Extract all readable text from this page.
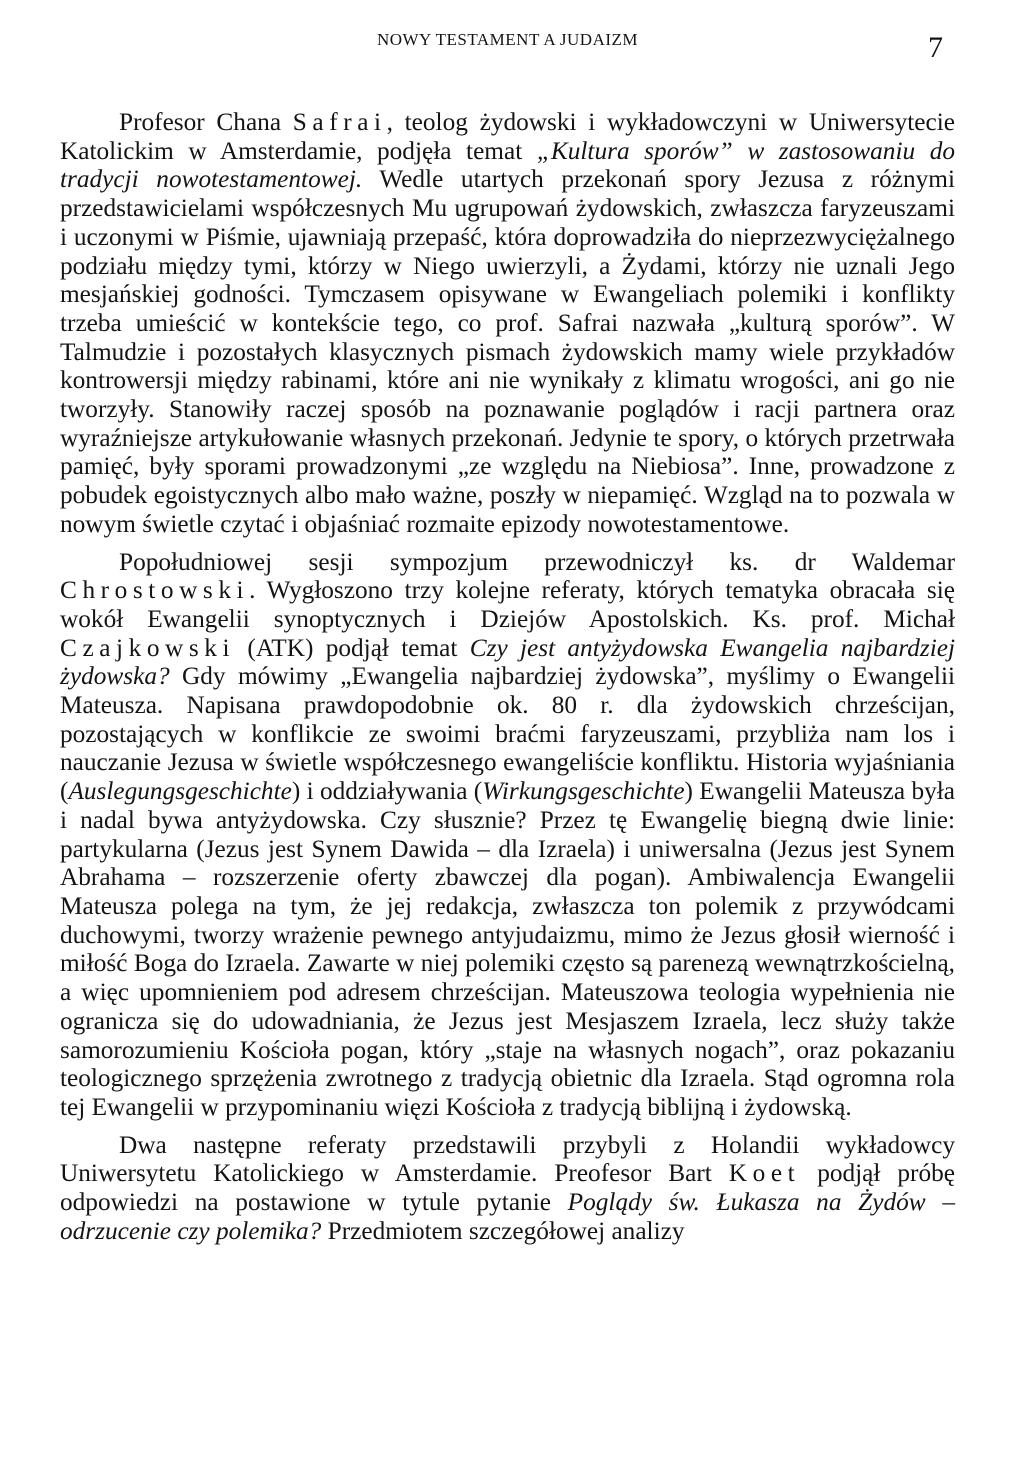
NOWY TESTAMENT A JUDAIZM	7

Profesor Chana Safrai, teolog żydowski i wykładowczyni w Uniwersytecie Katolickim w Amsterdamie, podjęła temat „Kultura sporów” w zastosowaniu do tradycji nowotestamentowej. Wedle utartych przekonań spory Jezusa z różnymi przedstawicielami współczesnych Mu ugrupowań żydowskich, zwłaszcza faryzeuszami i uczonymi w Piśmie, ujawniają przepaść, która doprowadziła do nieprzezwyciężalnego podziału między tymi, którzy w Niego uwierzyli, a Żydami, którzy nie uznali Jego mesjańskiej godności. Tymczasem opisywane w Ewangeliach polemiki i konflikty trzeba umieścić w kontekście tego, co prof. Safrai nazwała „kulturą sporów”. W Talmudzie i pozostałych klasycznych pismach żydowskich mamy wiele przykładów kontrowersji między rabinami, które ani nie wynikały z klimatu wrogości, ani go nie tworzyły. Stanowiły raczej sposób na poznawanie poglądów i racji partnera oraz wyraźniejsze artykułowanie własnych przekonań. Jedynie te spory, o których przetrwała pamięć, były sporami prowadzonymi „ze względu na Niebiosa”. Inne, prowadzone z pobudek egoistycznych albo mało ważne, poszły w niepamięć. Wzgląd na to pozwala w nowym świetle czytać i objaśniać rozmaite epizody nowotestamentowe.

Popołudniowej sesji sympozjum przewodniczył ks. dr Waldemar Chrostowski. Wygłoszono trzy kolejne referaty, których tematyka obracała się wokół Ewangelii synoptycznych i Dziejów Apostolskich. Ks. prof. Michał Czajkowski (ATK) podjął temat Czy jest antyżydowska Ewangelia najbardziej żydowska? Gdy mówimy „Ewangelia najbardziej żydowska”, myślimy o Ewangelii Mateusza. Napisana prawdopodobnie ok. 80 r. dla żydowskich chrześcijan, pozostających w konflikcie ze swoimi braćmi faryzeuszami, przybliża nam los i nauczanie Jezusa w świetle współczesnego ewangeliście konfliktu. Historia wyjaśniania (Auslegungsgeschichte) i oddziaływania (Wirkungsgeschichte) Ewangelii Mateusza była i nadal bywa antyżydowska. Czy słusznie? Przez tę Ewangelię biegną dwie linie: partykularna (Jezus jest Synem Dawida – dla Izraela) i uniwersalna (Jezus jest Synem Abrahama – rozszerzenie oferty zbawczej dla pogan). Ambiwalencja Ewangelii Mateusza polega na tym, że jej redakcja, zwłaszcza ton polemik z przywódcami duchowymi, tworzy wrażenie pewnego antyjudaizmu, mimo że Jezus głosił wierność i miłość Boga do Izraela. Zawarte w niej polemiki często są parenezą wewnątrzkościelną, a więc upomnieniem pod adresem chrześcijan. Mateuszowa teologia wypełnienia nie ogranicza się do udowadniania, że Jezus jest Mesjaszem Izraela, lecz służy także samorozumieniu Kościoła pogan, który „staje na własnych nogach”, oraz pokazaniu teologicznego sprzężenia zwrotnego z tradycją obietnic dla Izraela. Stąd ogromna rola tej Ewangelii w przypominaniu więzi Kościoła z tradycją biblijną i żydowską.

Dwa następne referaty przedstawili przybyli z Holandii wykładowcy Uniwersytetu Katolickiego w Amsterdamie. Preofesor Bart Koet podjął próbę odpowiedzi na postawione w tytule pytanie Poglądy św. Łukasza na Żydów – odrzucenie czy polemika? Przedmiotem szczegółowej analizy
